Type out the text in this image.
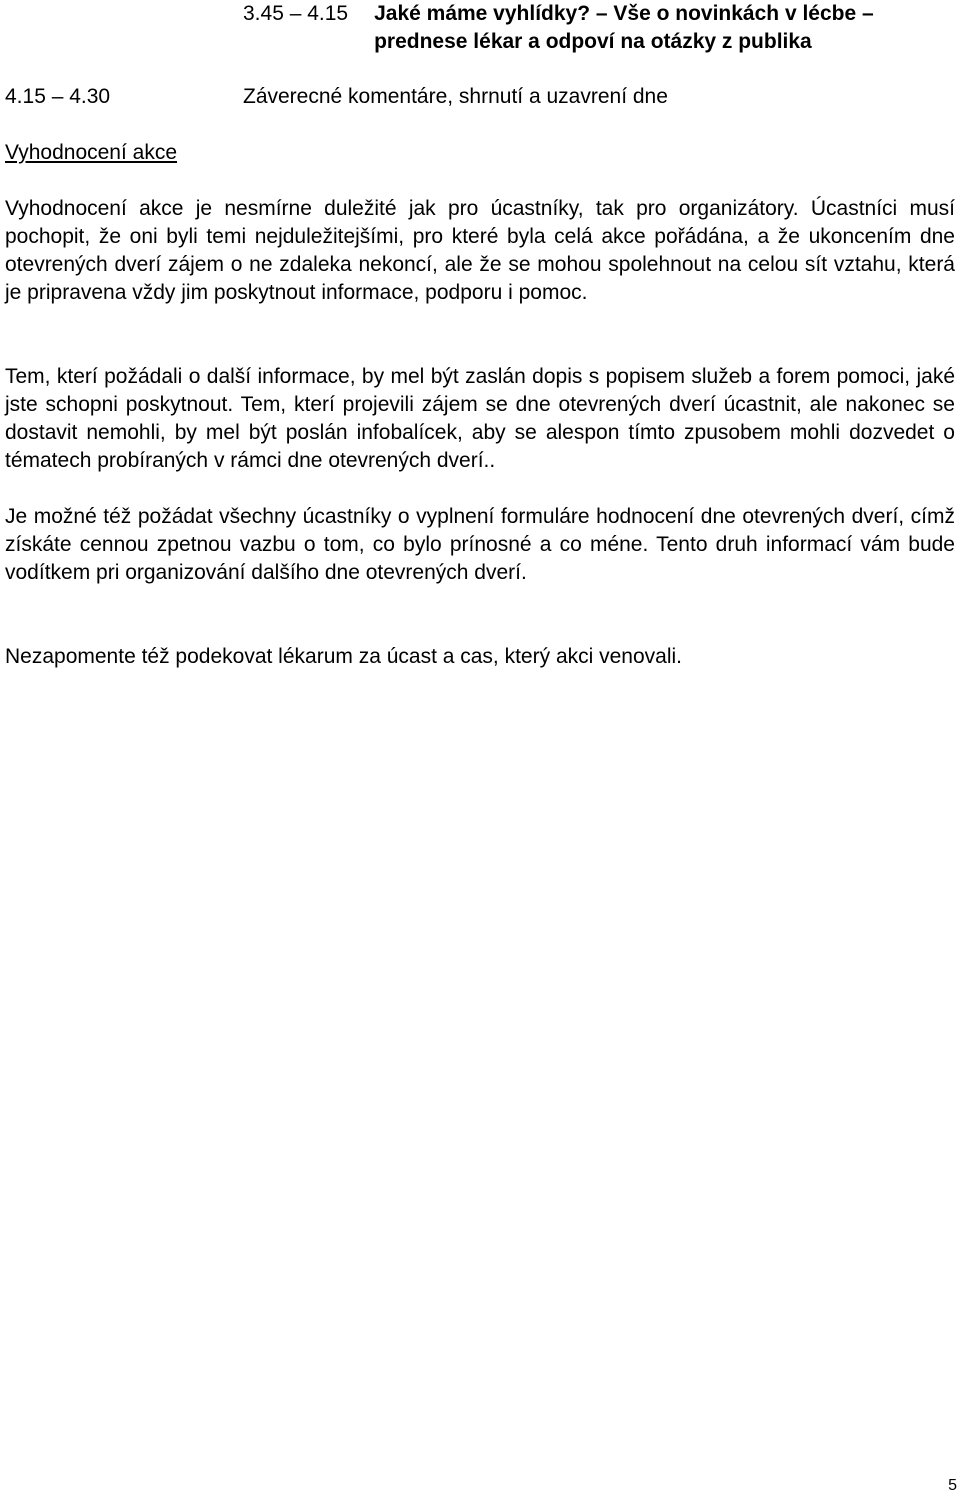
3.45 – 4.15 Jaké máme vyhlídky? – Vše o novinkách v lécbe – prednese lékar a odpoví na otázky z publika
4.15 – 4.30	Záverecné komentáre, shrnutí a uzavrení dne
Vyhodnocení akce

Vyhodnocení akce je nesmírne duležité jak pro úcastníky, tak pro organizátory. Úcastníci musí pochopit, že oni byli temi nejduležitejšími, pro které byla celá akce pořádána, a že ukoncením dne otevrených dverí zájem o ne zdaleka nekoncí, ale že se mohou spolehnout na celou sít vztahu, která je pripravena vždy jim poskytnout informace, podporu i pomoc.

Tem, kterí požádali o další informace, by mel být zaslán dopis s popisem služeb a forem pomoci, jaké jste schopni poskytnout. Tem, kterí projevili zájem se dne otevrených dverí úcastnit, ale nakonec se dostavit nemohli, by mel být poslán infobalícek, aby se alespon tímto zpusobem mohli dozvedet o tématech probíraných v rámci dne otevrených dverí..

Je možné též požádat všechny úcastníky o vyplnení formuláre hodnocení dne otevrených dverí, címž získáte cennou zpetnou vazbu o tom, co bylo prínosné a co méne. Tento druh informací vám bude vodítkem pri organizování dalšího dne otevrených dverí.

Nezapomente též podekovat lékarum za úcast a cas, který akci venovali.

5
